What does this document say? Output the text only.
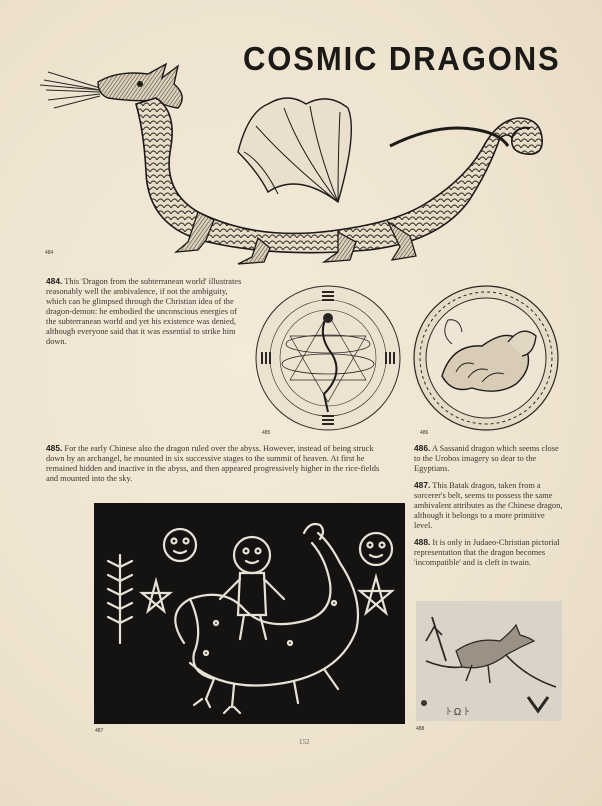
COSMIC DRAGONS
484

484. This 'Dragon from the subterranean world' illustrates reasonably well the ambivalence, if not the ambiguity, which can be glimpsed through the Christian idea of the dragon-demon: he embodied the unconscious energies of the subterranean world and yet his existence was denied, although everyone said that it was essential to strike him down.

485	486

485. For the early Chinese also the dragon ruled over the abyss. However, instead of being struck down by an archangel, he mounted in six successive stages to the summit of heaven. At first he remained hidden and inactive in the abyss, and then appeared progressively higher in the rice-fields and mounted into the sky.

486. A Sassanid dragon which seems close to the Urobos imagery so dear to the Egyptians.

487. This Batak dragon, taken from a sorcerer's belt, seems to possess the same ambivalent attributes as the Chinese dragon, although it belongs to a more primitive level.

488. It is only in Judaeo-Christian pictorial representation that the dragon becomes 'incompatible' and is cleft in twain.

487
ﾄ Ω ﾄ
488
152
